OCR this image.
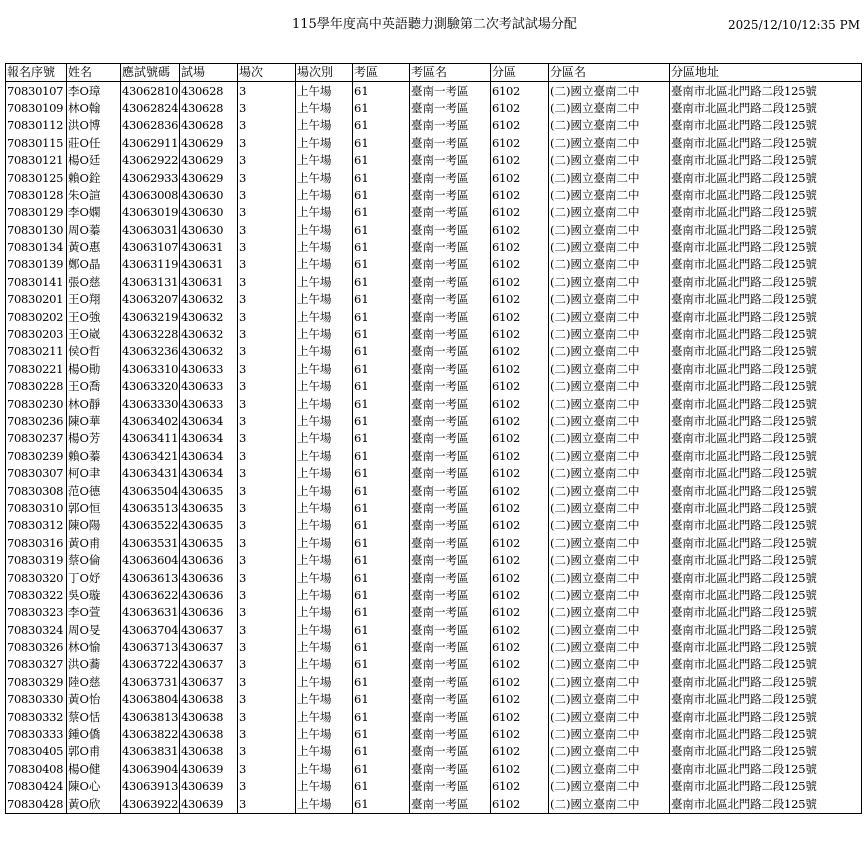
115學年度高中英語聽力測驗第二次考試試場分配	2025/12/10/12:35 PM
報名序號	姓名	應試號碼	試場	場次	場次別	考區	考區名	分區	分區名	分區地址
70830107	李O璋	43062810	430628	3	上午場	61	臺南一考區	6102	(二)國立臺南二中	臺南市北區北門路二段125號
70830109	林O翰	43062824	430628	3	上午場	61	臺南一考區	6102	(二)國立臺南二中	臺南市北區北門路二段125號
70830112	洪O博	43062836	430628	3	上午場	61	臺南一考區	6102	(二)國立臺南二中	臺南市北區北門路二段125號
70830115	莊O任	43062911	430629	3	上午場	61	臺南一考區	6102	(二)國立臺南二中	臺南市北區北門路二段125號
70830121	楊O廷	43062922	430629	3	上午場	61	臺南一考區	6102	(二)國立臺南二中	臺南市北區北門路二段125號
70830125	賴O銓	43062933	430629	3	上午場	61	臺南一考區	6102	(二)國立臺南二中	臺南市北區北門路二段125號
70830128	朱O諠	43063008	430630	3	上午場	61	臺南一考區	6102	(二)國立臺南二中	臺南市北區北門路二段125號
70830129	李O嫻	43063019	430630	3	上午場	61	臺南一考區	6102	(二)國立臺南二中	臺南市北區北門路二段125號
70830130	周O蓁	43063031	430630	3	上午場	61	臺南一考區	6102	(二)國立臺南二中	臺南市北區北門路二段125號
70830134	黃O惠	43063107	430631	3	上午場	61	臺南一考區	6102	(二)國立臺南二中	臺南市北區北門路二段125號
70830139	鄭O晶	43063119	430631	3	上午場	61	臺南一考區	6102	(二)國立臺南二中	臺南市北區北門路二段125號
70830141	張O慈	43063131	430631	3	上午場	61	臺南一考區	6102	(二)國立臺南二中	臺南市北區北門路二段125號
70830201	王O翔	43063207	430632	3	上午場	61	臺南一考區	6102	(二)國立臺南二中	臺南市北區北門路二段125號
70830202	王O強	43063219	430632	3	上午場	61	臺南一考區	6102	(二)國立臺南二中	臺南市北區北門路二段125號
70830203	王O崴	43063228	430632	3	上午場	61	臺南一考區	6102	(二)國立臺南二中	臺南市北區北門路二段125號
70830211	侯O哲	43063236	430632	3	上午場	61	臺南一考區	6102	(二)國立臺南二中	臺南市北區北門路二段125號
70830221	楊O勛	43063310	430633	3	上午場	61	臺南一考區	6102	(二)國立臺南二中	臺南市北區北門路二段125號
70830228	王O喬	43063320	430633	3	上午場	61	臺南一考區	6102	(二)國立臺南二中	臺南市北區北門路二段125號
70830230	林O靜	43063330	430633	3	上午場	61	臺南一考區	6102	(二)國立臺南二中	臺南市北區北門路二段125號
70830236	陳O華	43063402	430634	3	上午場	61	臺南一考區	6102	(二)國立臺南二中	臺南市北區北門路二段125號
70830237	楊O芳	43063411	430634	3	上午場	61	臺南一考區	6102	(二)國立臺南二中	臺南市北區北門路二段125號
70830239	賴O蓁	43063421	430634	3	上午場	61	臺南一考區	6102	(二)國立臺南二中	臺南市北區北門路二段125號
70830307	柯O聿	43063431	430634	3	上午場	61	臺南一考區	6102	(二)國立臺南二中	臺南市北區北門路二段125號
70830308	范O德	43063504	430635	3	上午場	61	臺南一考區	6102	(二)國立臺南二中	臺南市北區北門路二段125號
70830310	郭O恒	43063513	430635	3	上午場	61	臺南一考區	6102	(二)國立臺南二中	臺南市北區北門路二段125號
70830312	陳O陽	43063522	430635	3	上午場	61	臺南一考區	6102	(二)國立臺南二中	臺南市北區北門路二段125號
70830316	黃O甫	43063531	430635	3	上午場	61	臺南一考區	6102	(二)國立臺南二中	臺南市北區北門路二段125號
70830319	蔡O倫	43063604	430636	3	上午場	61	臺南一考區	6102	(二)國立臺南二中	臺南市北區北門路二段125號
70830320	丁O妤	43063613	430636	3	上午場	61	臺南一考區	6102	(二)國立臺南二中	臺南市北區北門路二段125號
70830322	吳O璇	43063622	430636	3	上午場	61	臺南一考區	6102	(二)國立臺南二中	臺南市北區北門路二段125號
70830323	李O萱	43063631	430636	3	上午場	61	臺南一考區	6102	(二)國立臺南二中	臺南市北區北門路二段125號
70830324	周O旻	43063704	430637	3	上午場	61	臺南一考區	6102	(二)國立臺南二中	臺南市北區北門路二段125號
70830326	林O愉	43063713	430637	3	上午場	61	臺南一考區	6102	(二)國立臺南二中	臺南市北區北門路二段125號
70830327	洪O蕎	43063722	430637	3	上午場	61	臺南一考區	6102	(二)國立臺南二中	臺南市北區北門路二段125號
70830329	陸O慈	43063731	430637	3	上午場	61	臺南一考區	6102	(二)國立臺南二中	臺南市北區北門路二段125號
70830330	黃O怡	43063804	430638	3	上午場	61	臺南一考區	6102	(二)國立臺南二中	臺南市北區北門路二段125號
70830332	蔡O恬	43063813	430638	3	上午場	61	臺南一考區	6102	(二)國立臺南二中	臺南市北區北門路二段125號
70830333	鍾O僑	43063822	430638	3	上午場	61	臺南一考區	6102	(二)國立臺南二中	臺南市北區北門路二段125號
70830405	郭O甫	43063831	430638	3	上午場	61	臺南一考區	6102	(二)國立臺南二中	臺南市北區北門路二段125號
70830408	楊O健	43063904	430639	3	上午場	61	臺南一考區	6102	(二)國立臺南二中	臺南市北區北門路二段125號
70830424	陳O心	43063913	430639	3	上午場	61	臺南一考區	6102	(二)國立臺南二中	臺南市北區北門路二段125號
70830428	黃O欣	43063922	430639	3	上午場	61	臺南一考區	6102	(二)國立臺南二中	臺南市北區北門路二段125號
